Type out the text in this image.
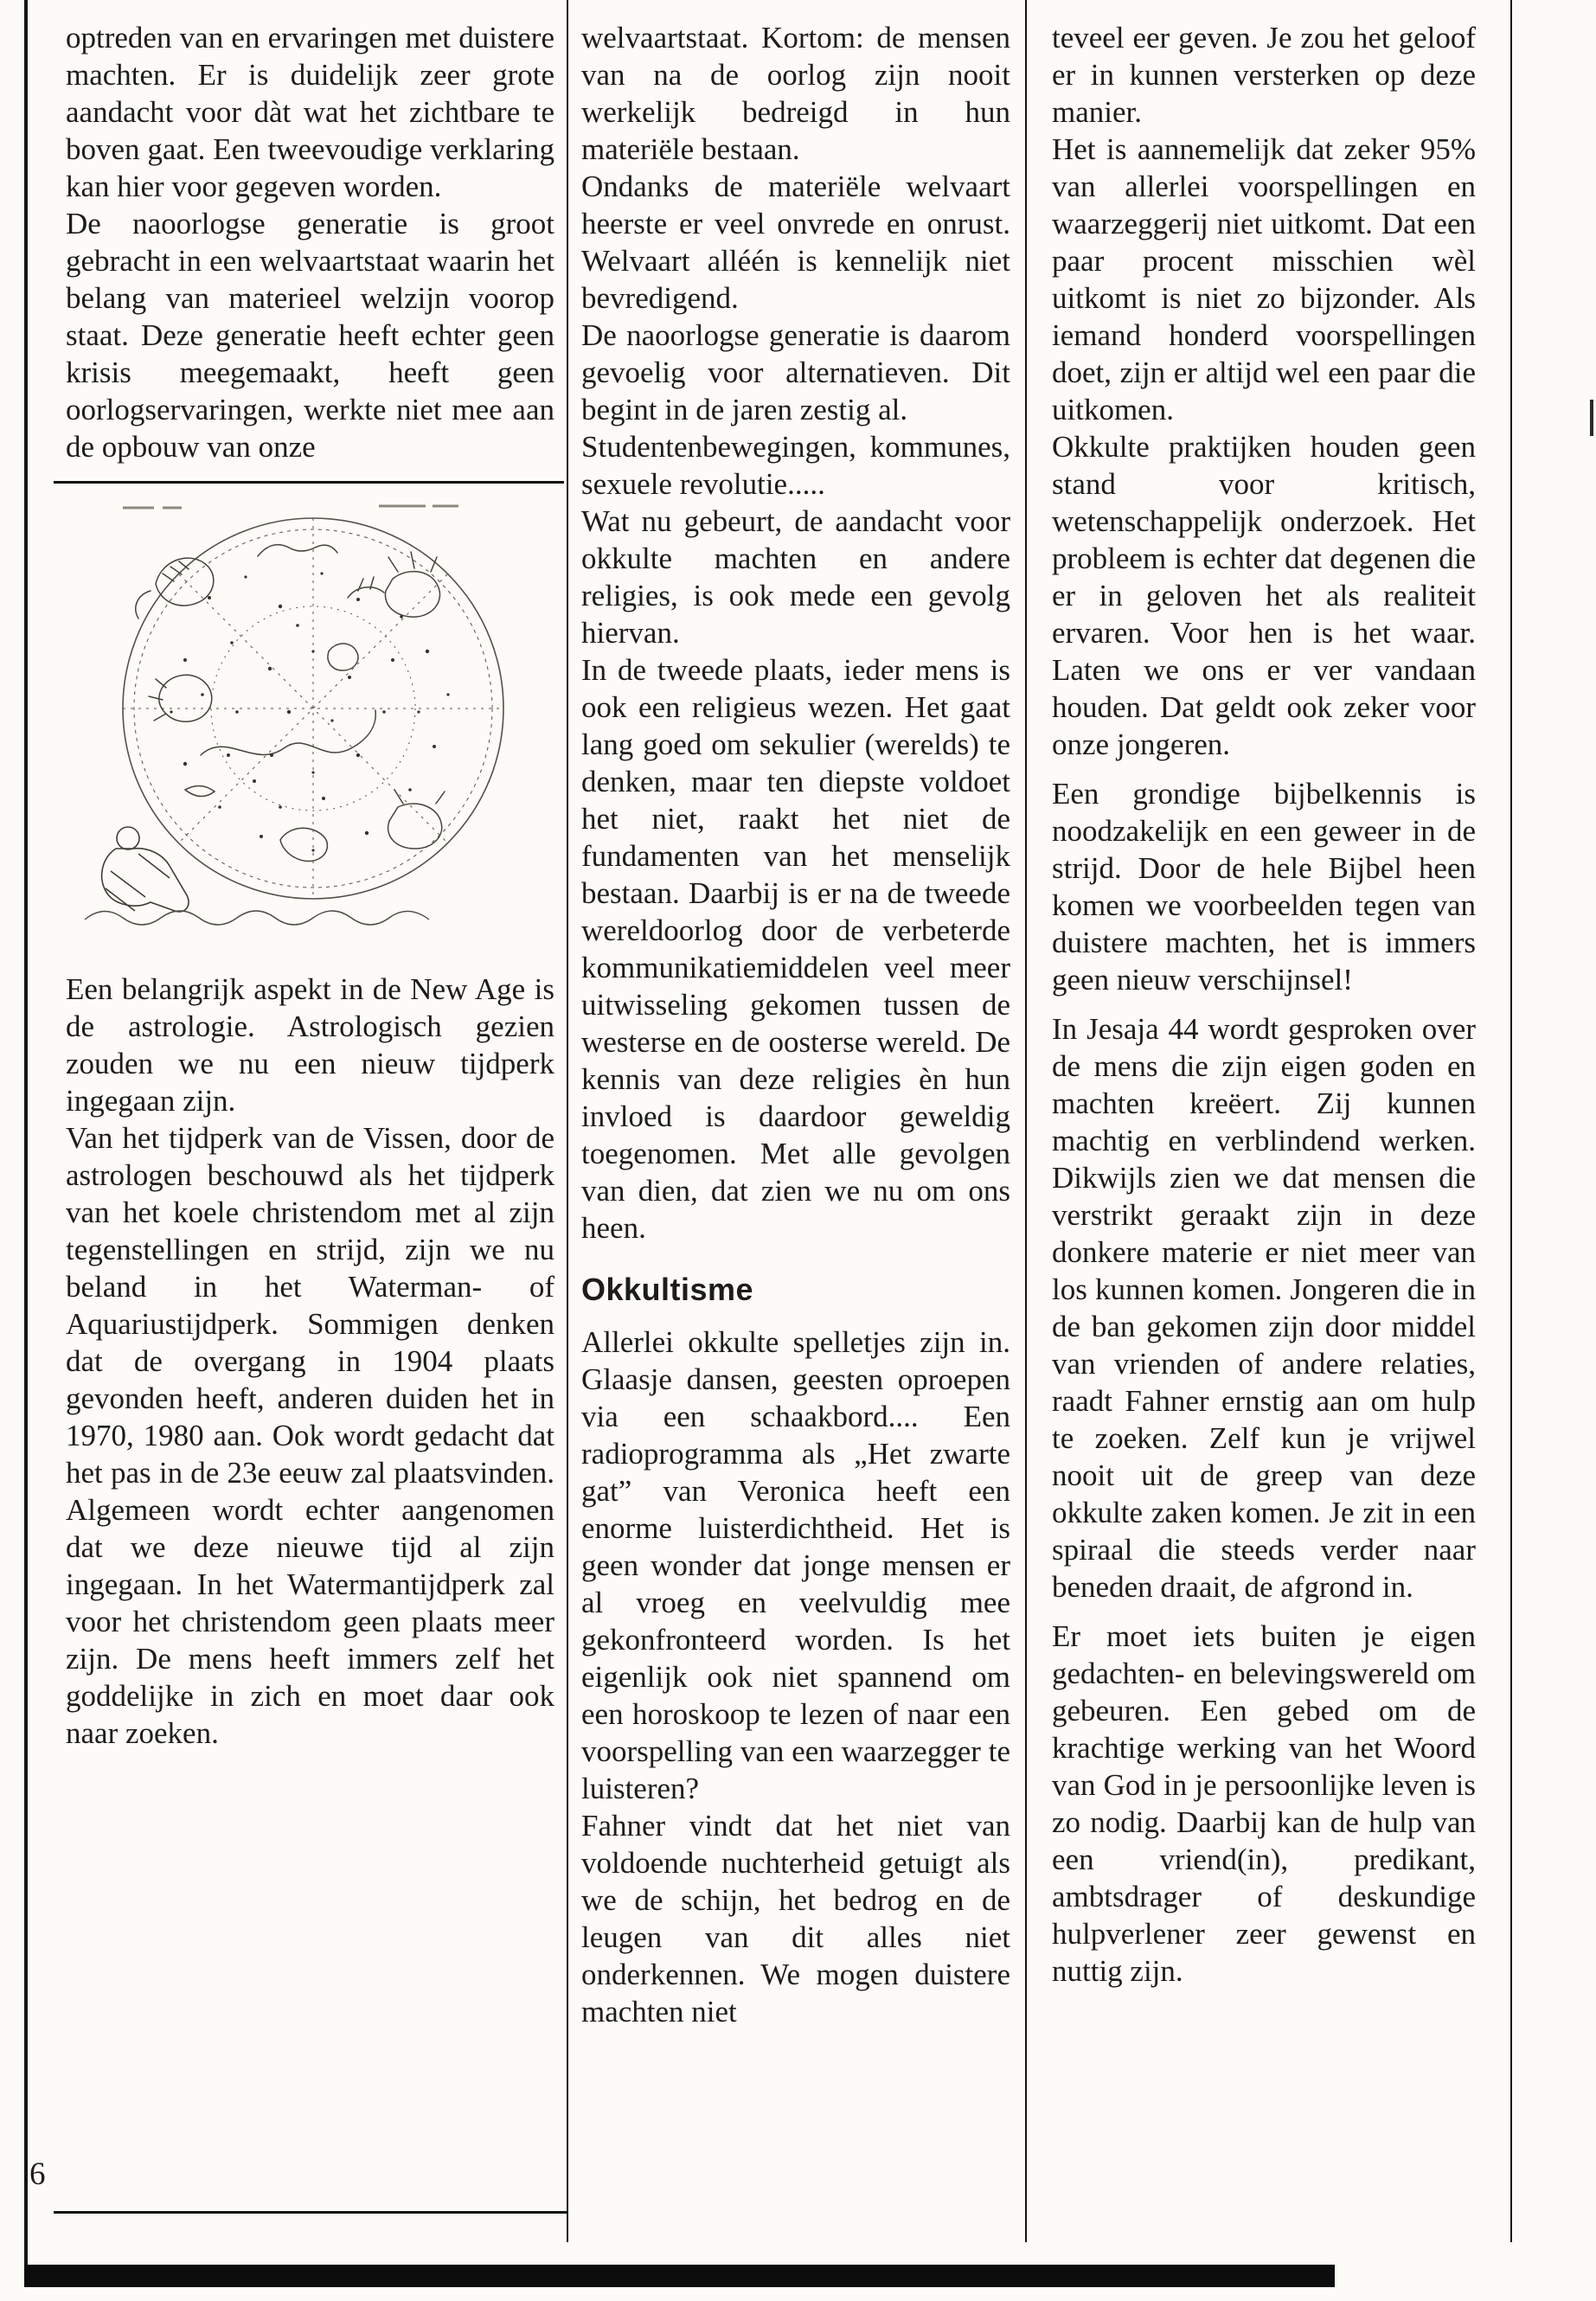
optreden van en ervaringen met duistere machten. Er is duidelijk zeer grote aandacht voor dàt wat het zichtbare te boven gaat. Een tweevoudige verklaring kan hier voor gegeven worden.

De naoorlogse generatie is groot gebracht in een welvaartstaat waarin het belang van materieel welzijn voorop staat. Deze generatie heeft echter geen krisis meegemaakt, heeft geen oorlogservaringen, werkte niet mee aan de opbouw van onze

Een belangrijk aspekt in de New Age is de astrologie. Astrologisch gezien zouden we nu een nieuw tijdperk ingegaan zijn.

Van het tijdperk van de Vissen, door de astrologen beschouwd als het tijdperk van het koele christendom met al zijn tegenstellingen en strijd, zijn we nu beland in het Waterman- of Aquariustijdperk. Sommigen denken dat de overgang in 1904 plaats gevonden heeft, anderen duiden het in 1970, 1980 aan. Ook wordt gedacht dat het pas in de 23e eeuw zal plaatsvinden. Algemeen wordt echter aangenomen dat we deze nieuwe tijd al zijn ingegaan. In het Watermantijdperk zal voor het christendom geen plaats meer zijn. De mens heeft immers zelf het goddelijke in zich en moet daar ook naar zoeken.

welvaartstaat. Kortom: de mensen van na de oorlog zijn nooit werkelijk bedreigd in hun materiële bestaan.

Ondanks de materiële welvaart heerste er veel onvrede en onrust. Welvaart alléén is kennelijk niet bevredigend.

De naoorlogse generatie is daarom gevoelig voor alternatieven. Dit begint in de jaren zestig al.

Studentenbewegingen, kommunes, sexuele revolutie.....

Wat nu gebeurt, de aandacht voor okkulte machten en andere religies, is ook mede een gevolg hiervan.

In de tweede plaats, ieder mens is ook een religieus wezen. Het gaat lang goed om sekulier (werelds) te denken, maar ten diepste voldoet het niet, raakt het niet de fundamenten van het menselijk bestaan. Daarbij is er na de tweede wereldoorlog door de verbeterde kommunikatiemiddelen veel meer uitwisseling gekomen tussen de westerse en de oosterse wereld. De kennis van deze religies èn hun invloed is daardoor geweldig toegenomen. Met alle gevolgen van dien, dat zien we nu om ons heen.

Okkultisme

Allerlei okkulte spelletjes zijn in. Glaasje dansen, geesten oproepen via een schaakbord.... Een radioprogramma als „Het zwarte gat” van Veronica heeft een enorme luisterdichtheid. Het is geen wonder dat jonge mensen er al vroeg en veelvuldig mee gekonfronteerd worden. Is het eigenlijk ook niet spannend om een horoskoop te lezen of naar een voorspelling van een waarzegger te luisteren?

Fahner vindt dat het niet van voldoende nuchterheid getuigt als we de schijn, het bedrog en de leugen van dit alles niet onderkennen. We mogen duistere machten niet

teveel eer geven. Je zou het geloof er in kunnen versterken op deze manier.

Het is aannemelijk dat zeker 95% van allerlei voorspellingen en waarzeggerij niet uitkomt. Dat een paar procent misschien wèl uitkomt is niet zo bijzonder. Als iemand honderd voorspellingen doet, zijn er altijd wel een paar die uitkomen.

Okkulte praktijken houden geen stand voor kritisch, wetenschappelijk onderzoek. Het probleem is echter dat degenen die er in geloven het als realiteit ervaren. Voor hen is het waar. Laten we ons er ver vandaan houden. Dat geldt ook zeker voor onze jongeren.

Een grondige bijbelkennis is noodzakelijk en een geweer in de strijd. Door de hele Bijbel heen komen we voorbeelden tegen van duistere machten, het is immers geen nieuw verschijnsel!

In Jesaja 44 wordt gesproken over de mens die zijn eigen goden en machten kreëert. Zij kunnen machtig en verblindend werken. Dikwijls zien we dat mensen die verstrikt geraakt zijn in deze donkere materie er niet meer van los kunnen komen. Jongeren die in de ban gekomen zijn door middel van vrienden of andere relaties, raadt Fahner ernstig aan om hulp te zoeken. Zelf kun je vrijwel nooit uit de greep van deze okkulte zaken komen. Je zit in een spiraal die steeds verder naar beneden draait, de afgrond in.

Er moet iets buiten je eigen gedachten- en belevingswereld om gebeuren. Een gebed om de krachtige werking van het Woord van God in je persoonlijke leven is zo nodig. Daarbij kan de hulp van een vriend(in), predikant, ambtsdrager of deskundige hulpverlener zeer gewenst en nuttig zijn.

6
